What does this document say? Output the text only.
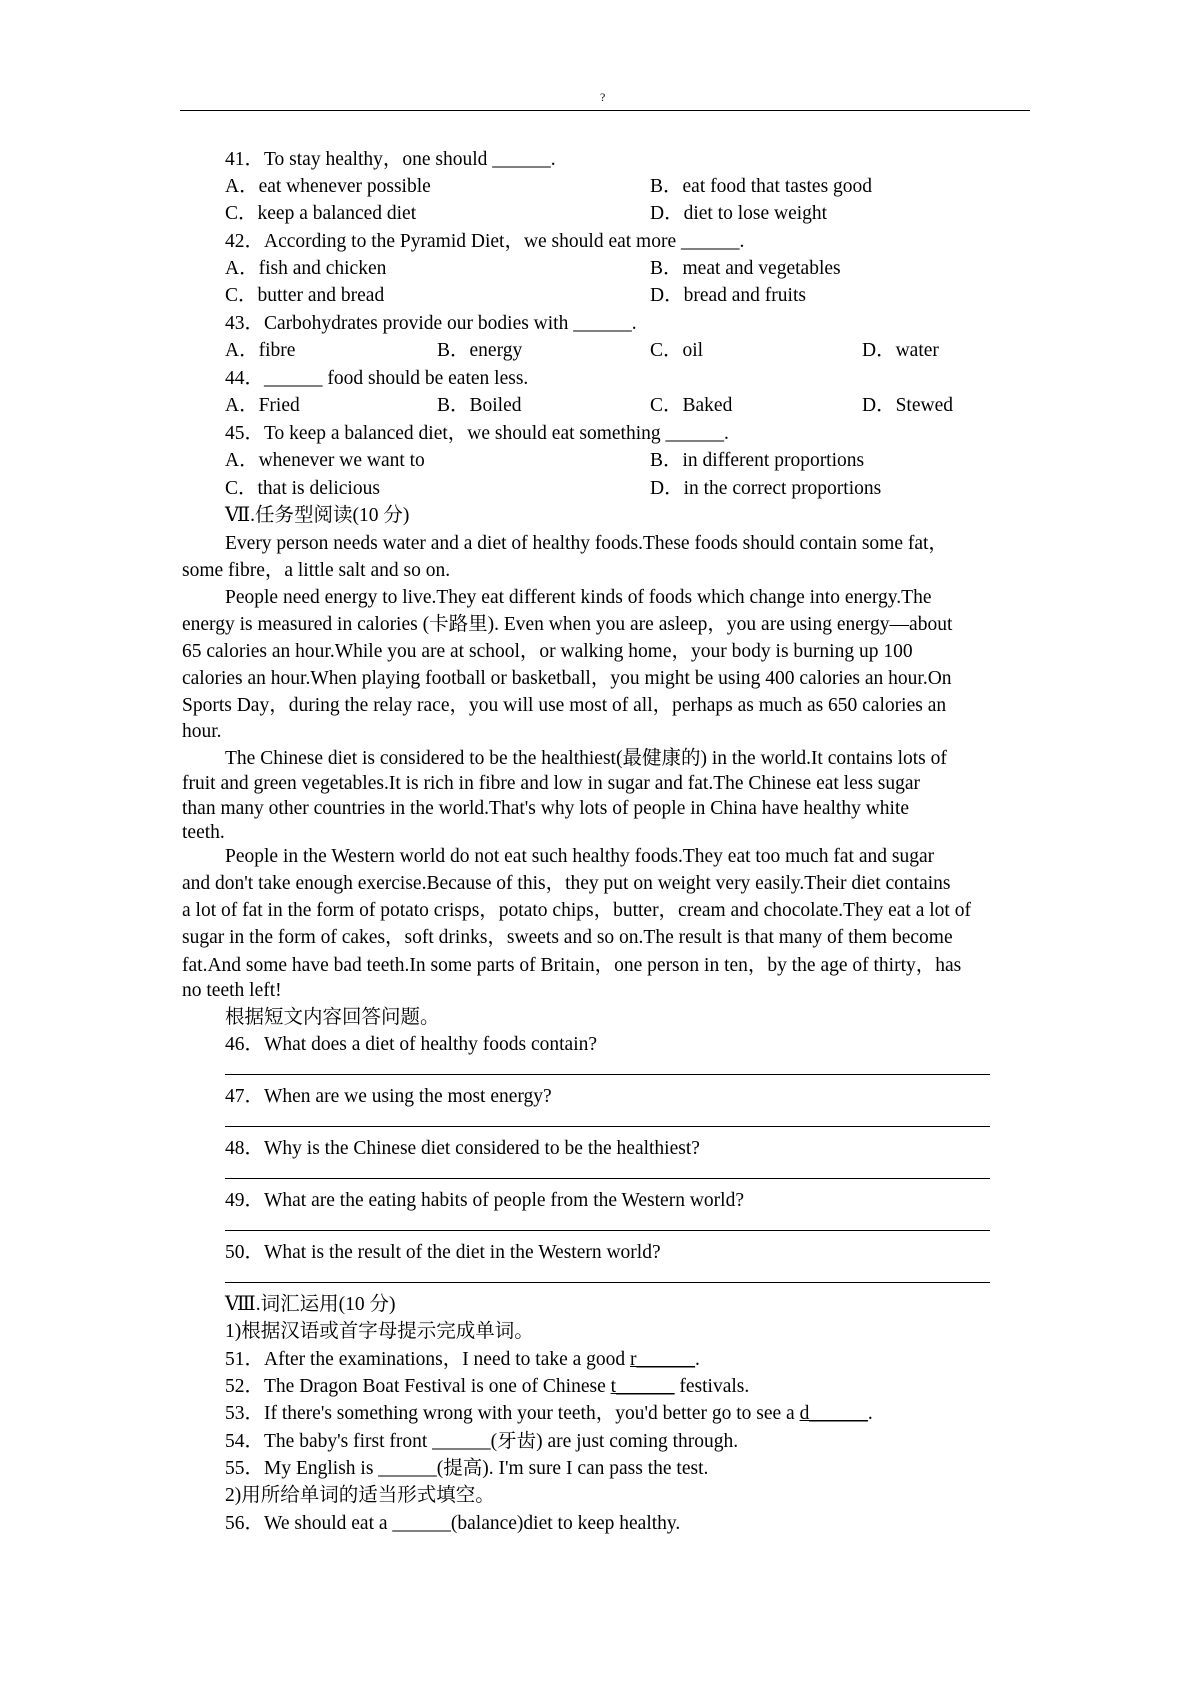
?
41．To stay healthy，one should ______.
A．eat whenever possible	B．eat food that tastes good
C．keep a balanced diet	D．diet to lose weight
42．According to the Pyramid Diet，we should eat more ______.
A．fish and chicken	B．meat and vegetables
C．butter and bread	D．bread and fruits
43．Carbohydrates provide our bodies with ______.
A．fibre	B．energy	C．oil	D．water
44．______ food should be eaten less.
A．Fried	B．Boiled	C．Baked	D．Stewed
45．To keep a balanced diet，we should eat something ______.
A．whenever we want to	B．in different proportions
C．that is delicious	D．in the correct proportions
Ⅶ.任务型阅读(10 分)
Every person needs water and a diet of healthy foods.These foods should contain some fat，
some fibre，a little salt and so on.
People need energy to live.They eat different kinds of foods which change into energy.The
energy is measured in calories (卡路里). Even when you are asleep，you are using energy—about
65 calories an hour.While you are at school，or walking home，your body is burning up 100
calories an hour.When playing football or basketball，you might be using 400 calories an hour.On
Sports Day，during the relay race，you will use most of all，perhaps as much as 650 calories an
hour.
The Chinese diet is considered to be the healthiest(最健康的) in the world.It contains lots of
fruit and green vegetables.It is rich in fibre and low in sugar and fat.The Chinese eat less sugar
than many other countries in the world.That's why lots of people in China have healthy white
teeth.
People in the Western world do not eat such healthy foods.They eat too much fat and sugar
and don't take enough exercise.Because of this，they put on weight very easily.Their diet contains
a lot of fat in the form of potato crisps，potato chips，butter，cream and chocolate.They eat a lot of
sugar in the form of cakes，soft drinks，sweets and so on.The result is that many of them become
fat.And some have bad teeth.In some parts of Britain，one person in ten，by the age of thirty，has
no teeth left!
根据短文内容回答问题。
46．What does a diet of healthy foods contain?
47．When are we using the most energy?
48．Why is the Chinese diet considered to be the healthiest?
49．What are the eating habits of people from the Western world?
50．What is the result of the diet in the Western world?
Ⅷ.词汇运用(10 分)
1)根据汉语或首字母提示完成单词。
51．After the examinations，I need to take a good r______.
52．The Dragon Boat Festival is one of Chinese t______ festivals.
53．If there's something wrong with your teeth，you'd better go to see a d______.
54．The baby's first front ______(牙齿) are just coming through.
55．My English is ______(提高). I'm sure I can pass the test.
2)用所给单词的适当形式填空。
56．We should eat a ______(balance)diet to keep healthy.
